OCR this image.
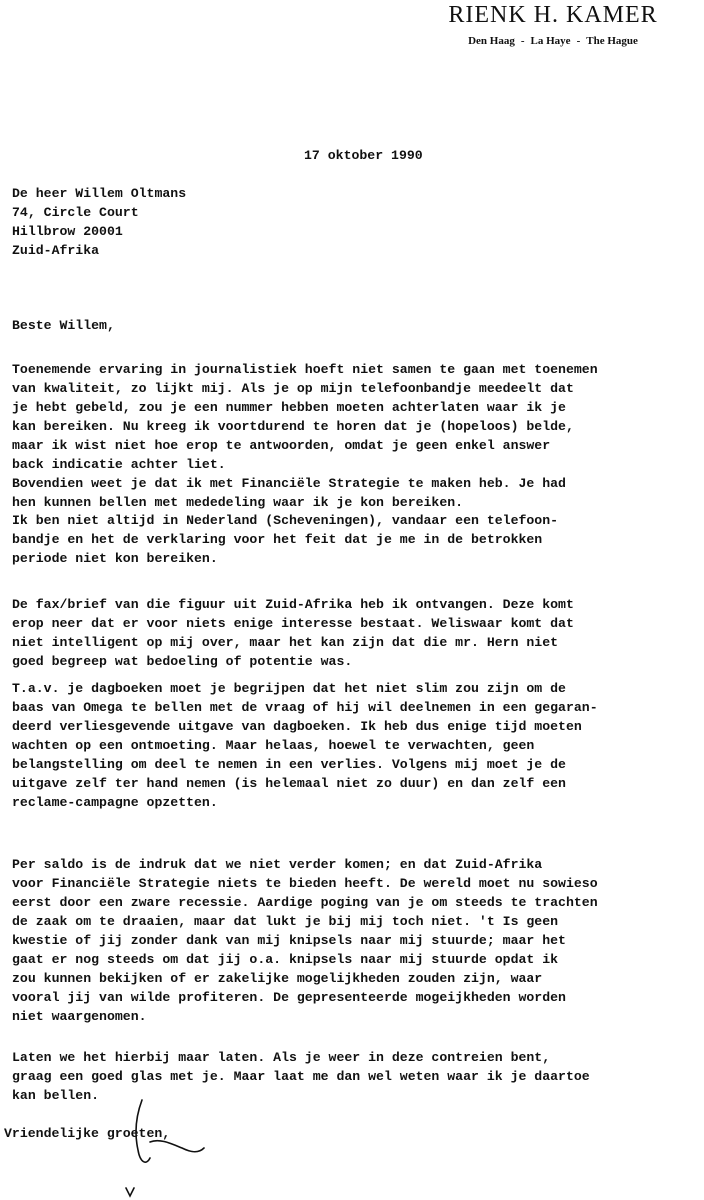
RIENK H. KAMER
Den Haag - La Haye - The Hague

17 oktober 1990

De heer Willem Oltmans
74, Circle Court
Hillbrow 20001
Zuid-Afrika

Beste Willem,

Toenemende ervaring in journalistiek hoeft niet samen te gaan met toenemen
van kwaliteit, zo lijkt mij. Als je op mijn telefoonbandje meedeelt dat
je hebt gebeld, zou je een nummer hebben moeten achterlaten waar ik je
kan bereiken. Nu kreeg ik voortdurend te horen dat je (hopeloos) belde,
maar ik wist niet hoe erop te antwoorden, omdat je geen enkel answer
back indicatie achter liet.
Bovendien weet je dat ik met Financiële Strategie te maken heb. Je had
hen kunnen bellen met mededeling waar ik je kon bereiken.
Ik ben niet altijd in Nederland (Scheveningen), vandaar een telefoon-
bandje en het de verklaring voor het feit dat je me in de betrokken
periode niet kon bereiken.
De fax/brief van die figuur uit Zuid-Afrika heb ik ontvangen. Deze komt
erop neer dat er voor niets enige interesse bestaat. Weliswaar komt dat
niet intelligent op mij over, maar het kan zijn dat die mr. Hern niet
goed begreep wat bedoeling of potentie was.
T.a.v. je dagboeken moet je begrijpen dat het niet slim zou zijn om de
baas van Omega te bellen met de vraag of hij wil deelnemen in een gegaran-
deerd verliesgevende uitgave van dagboeken. Ik heb dus enige tijd moeten
wachten op een ontmoeting. Maar helaas, hoewel te verwachten, geen
belangstelling om deel te nemen in een verlies. Volgens mij moet je de
uitgave zelf ter hand nemen (is helemaal niet zo duur) en dan zelf een
reclame-campagne opzetten.
Per saldo is de indruk dat we niet verder komen; en dat Zuid-Afrika
voor Financiële Strategie niets te bieden heeft. De wereld moet nu sowieso
eerst door een zware recessie. Aardige poging van je om steeds te trachten
de zaak om te draaien, maar dat lukt je bij mij toch niet. 't Is geen
kwestie of jij zonder dank van mij knipsels naar mij stuurde; maar het
gaat er nog steeds om dat jij o.a. knipsels naar mij stuurde opdat ik
zou kunnen bekijken of er zakelijke mogelijkheden zouden zijn, waar
vooral jij van wilde profiteren. De gepresenteerde mogeijkheden worden
niet waargenomen.
Laten we het hierbij maar laten. Als je weer in deze contreien bent,
graag een goed glas met je. Maar laat me dan wel weten waar ik je daartoe
kan bellen.

Vriendelijke groeten,
